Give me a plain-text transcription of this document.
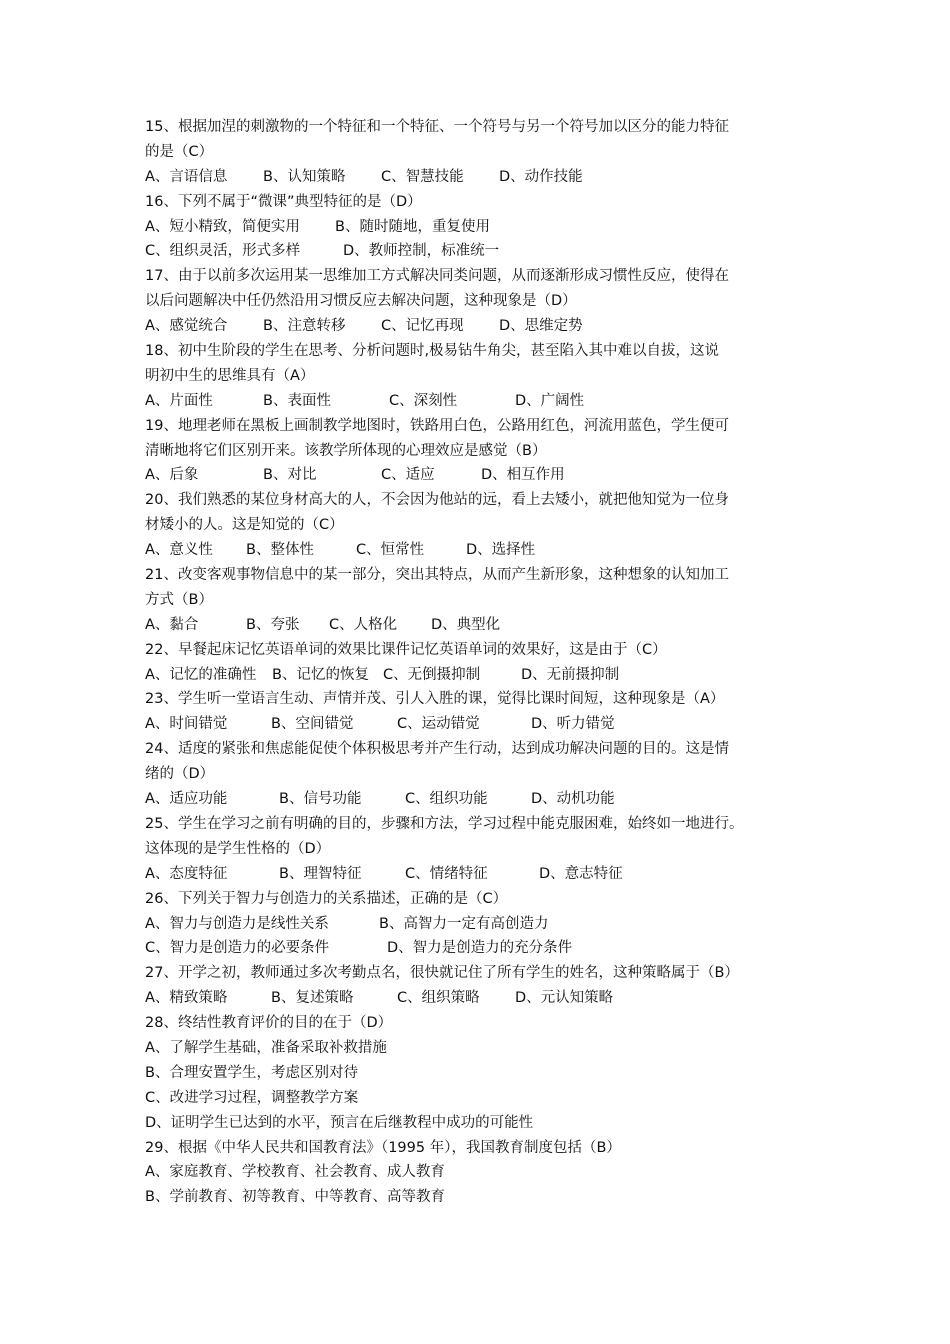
15、根据加涅的刺激物的一个特征和一个特征、一个符号与另一个符号加以区分的能力特征
的是（C）
A、言语信息 B、认知策略 C、智慧技能 D、动作技能
16、下列不属于“微课”典型特征的是（D）
A、短小精致，简便实用 B、随时随地，重复使用
C、组织灵活，形式多样	D、教师控制，标准统一
17、由于以前多次运用某一思维加工方式解决同类问题，从而逐渐形成习惯性反应，使得在
以后问题解决中任仍然沿用习惯反应去解决问题，这种现象是（D）
A、感觉统合 B、注意转移 C、记忆再现 D、思维定势
18、初中生阶段的学生在思考、分析问题时,极易钻牛角尖，甚至陷入其中难以自拔，这说
明初中生的思维具有（A）
A、片面性	B、表面性	C、深刻性	D、广阔性
19、地理老师在黑板上画制教学地图时，铁路用白色，公路用红色，河流用蓝色，学生便可
清晰地将它们区别开来。该教学所体现的心理效应是感觉（B）
A、后象	B、对比	C、适应	D、相互作用
20、我们熟悉的某位身材高大的人，不会因为他站的远，看上去矮小，就把他知觉为一位身
材矮小的人。这是知觉的（C）
A、意义性 B、整体性	C、恒常性	D、选择性
21、改变客观事物信息中的某一部分，突出其特点，从而产生新形象，这种想象的认知加工
方式（B）
A、黏合	B、夸张 C、人格化 D、典型化
22、早餐起床记忆英语单词的效果比课件记忆英语单词的效果好，这是由于（C）
A、记忆的准确性 B、记忆的恢复 C、无倒摄抑制	D、无前摄抑制
23、学生听一堂语言生动、声情并茂、引人入胜的课，觉得比课时间短，这种现象是（A）
A、时间错觉	B、空间错觉	C、运动错觉	D、听力错觉
24、适度的紧张和焦虑能促使个体积极思考并产生行动，达到成功解决问题的目的。这是情
绪的（D）
A、适应功能	B、信号功能	C、组织功能	D、动机功能
25、学生在学习之前有明确的目的，步骤和方法，学习过程中能克服困难，始终如一地进行。
这体现的是学生性格的（D）
A、态度特征	B、理智特征	C、情绪特征	D、意志特征
26、下列关于智力与创造力的关系描述，正确的是（C）
A、智力与创造力是线性关系	B、高智力一定有高创造力
C、智力是创造力的必要条件	D、智力是创造力的充分条件
27、开学之初，教师通过多次考勤点名，很快就记住了所有学生的姓名，这种策略属于（B）
A、精致策略	B、复述策略	C、组织策略 D、元认知策略
28、终结性教育评价的目的在于（D）
A、了解学生基础，准备采取补救措施
B、合理安置学生，考虑区别对待
C、改进学习过程，调整教学方案
D、证明学生已达到的水平，预言在后继教程中成功的可能性
29、根据《中华人民共和国教育法》（1995 年），我国教育制度包括（B）
A、家庭教育、学校教育、社会教育、成人教育
B、学前教育、初等教育、中等教育、高等教育
